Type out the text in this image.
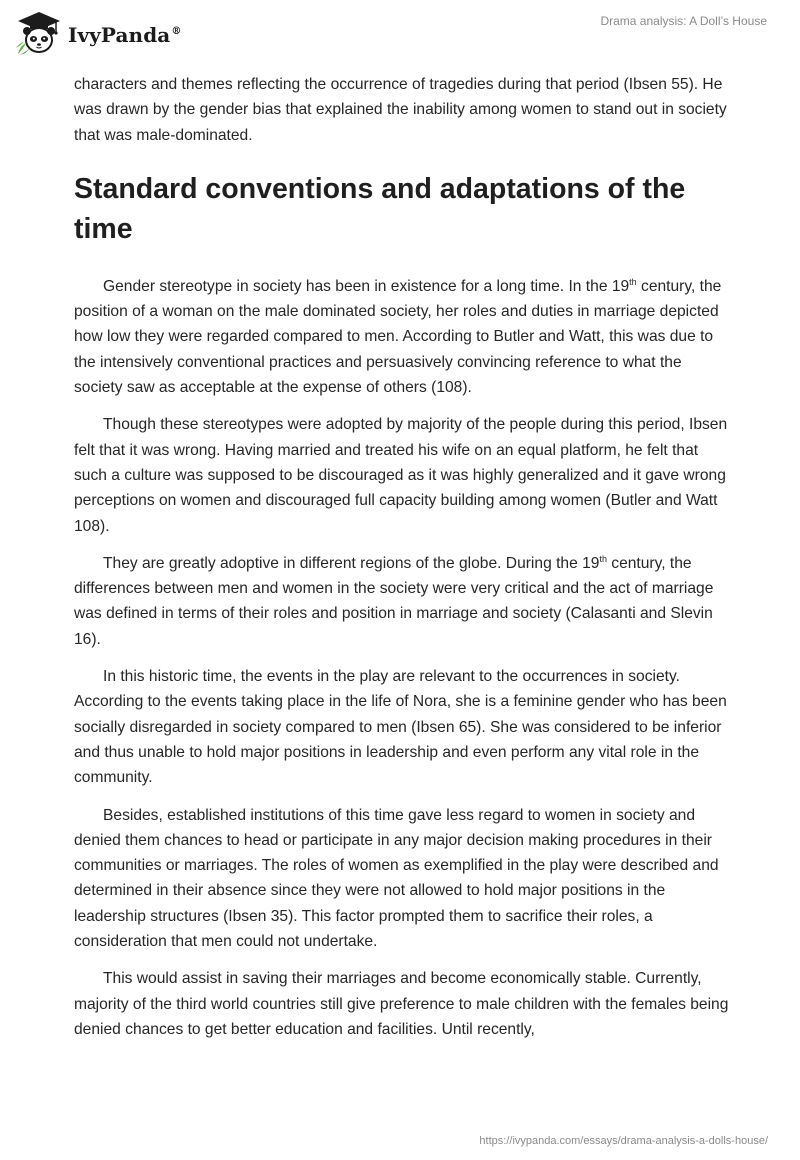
IvyPanda®
Drama analysis: A Doll’s House

characters and themes reflecting the occurrence of tragedies during that period (Ibsen 55). He was drawn by the gender bias that explained the inability among women to stand out in society that was male-dominated.

Standard conventions and adaptations of the time

Gender stereotype in society has been in existence for a long time. In the 19th century, the position of a woman on the male dominated society, her roles and duties in marriage depicted how low they were regarded compared to men. According to Butler and Watt, this was due to the intensively conventional practices and persuasively convincing reference to what the society saw as acceptable at the expense of others (108).

Though these stereotypes were adopted by majority of the people during this period, Ibsen felt that it was wrong. Having married and treated his wife on an equal platform, he felt that such a culture was supposed to be discouraged as it was highly generalized and it gave wrong perceptions on women and discouraged full capacity building among women (Butler and Watt 108).

They are greatly adoptive in different regions of the globe. During the 19th century, the differences between men and women in the society were very critical and the act of marriage was defined in terms of their roles and position in marriage and society (Calasanti and Slevin 16).

In this historic time, the events in the play are relevant to the occurrences in society. According to the events taking place in the life of Nora, she is a feminine gender who has been socially disregarded in society compared to men (Ibsen 65). She was considered to be inferior and thus unable to hold major positions in leadership and even perform any vital role in the community.

Besides, established institutions of this time gave less regard to women in society and denied them chances to head or participate in any major decision making procedures in their communities or marriages. The roles of women as exemplified in the play were described and determined in their absence since they were not allowed to hold major positions in the leadership structures (Ibsen 35). This factor prompted them to sacrifice their roles, a consideration that men could not undertake.

This would assist in saving their marriages and become economically stable. Currently, majority of the third world countries still give preference to male children with the females being denied chances to get better education and facilities. Until recently,

https://ivypanda.com/essays/drama-analysis-a-dolls-house/
